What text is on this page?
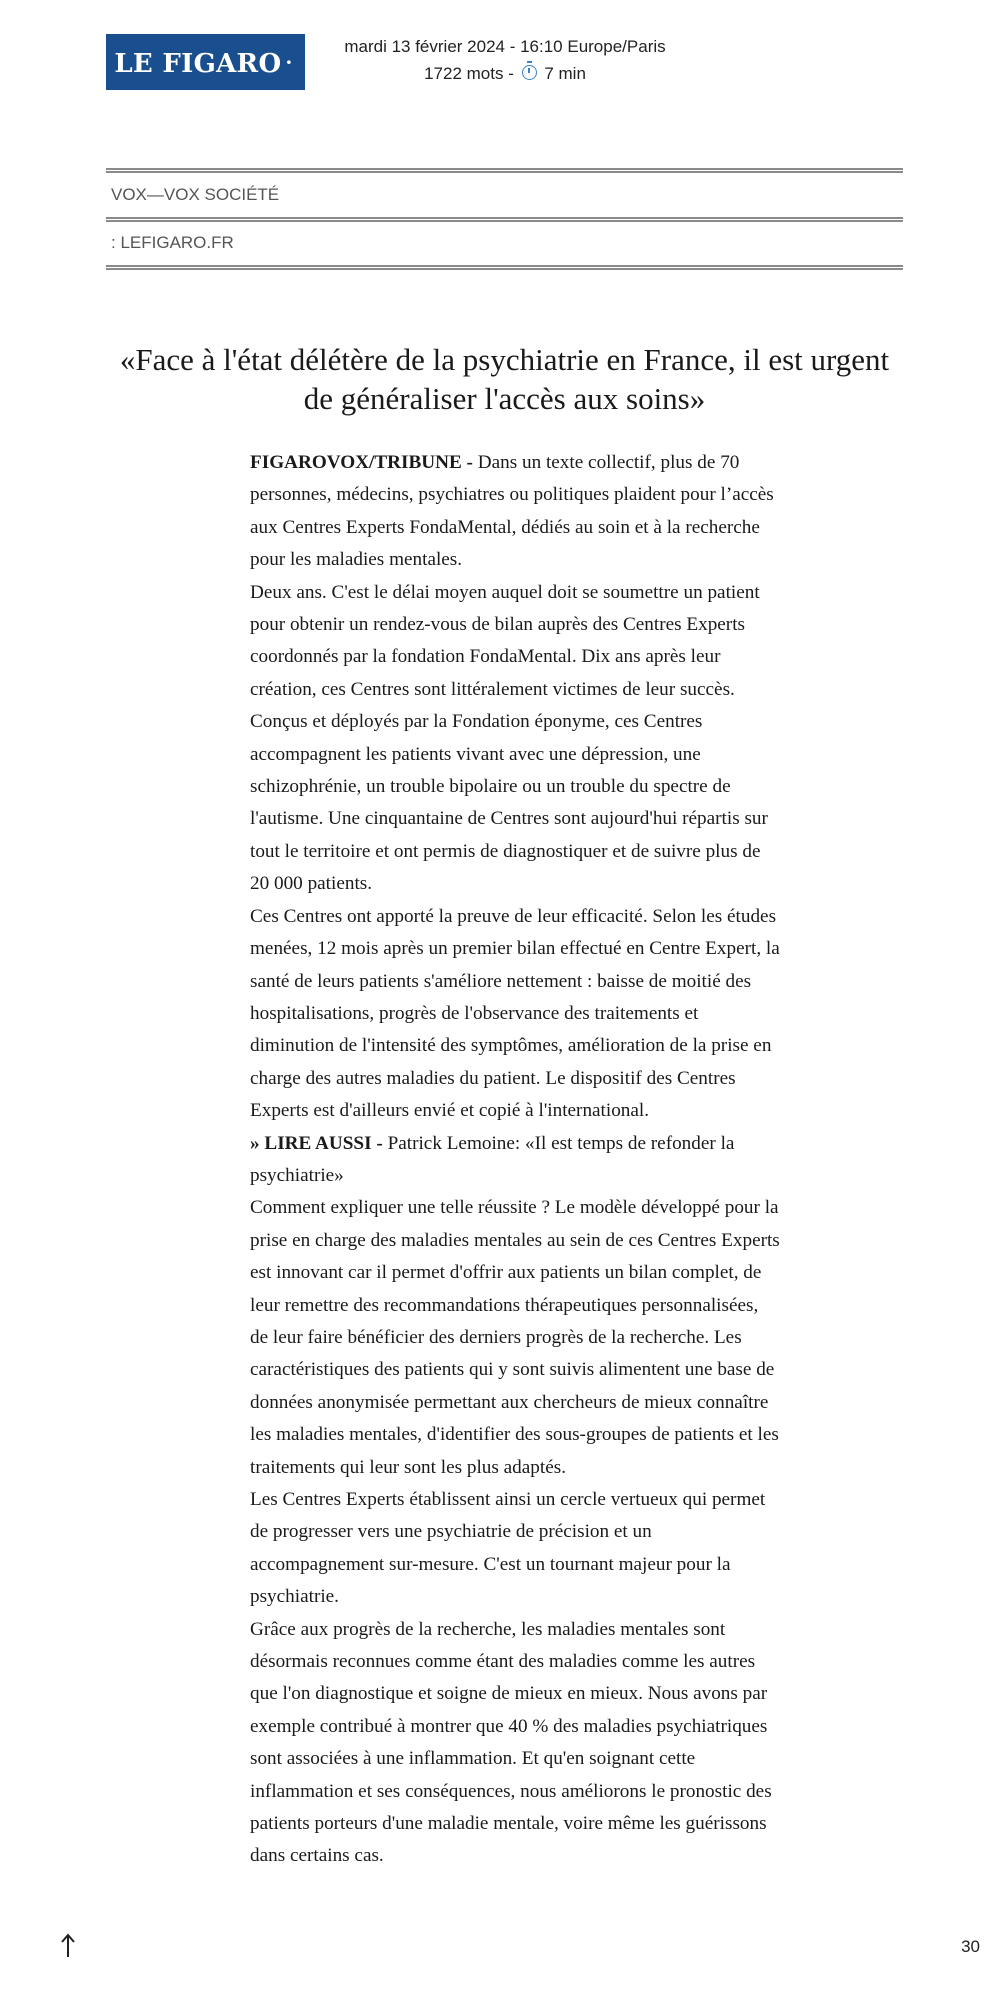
LE FIGARO ·fr
mardi 13 février 2024 - 16:10 Europe/Paris
1722 mots - 7 min
VOX—VOX SOCIÉTÉ
: LEFIGARO.FR
«Face à l'état délétère de la psychiatrie en France, il est urgent de généraliser l'accès aux soins»

FIGAROVOX/TRIBUNE - Dans un texte collectif, plus de 70 personnes, médecins, psychiatres ou politiques plaident pour l’accès aux Centres Experts FondaMental, dédiés au soin et à la recherche pour les maladies mentales.

Deux ans. C'est le délai moyen auquel doit se soumettre un patient pour obtenir un rendez-vous de bilan auprès des Centres Experts coordonnés par la fondation FondaMental. Dix ans après leur création, ces Centres sont littéralement victimes de leur succès. Conçus et déployés par la Fondation éponyme, ces Centres accompagnent les patients vivant avec une dépression, une schizophrénie, un trouble bipolaire ou un trouble du spectre de l'autisme. Une cinquantaine de Centres sont aujourd'hui répartis sur tout le territoire et ont permis de diagnostiquer et de suivre plus de 20 000 patients.

Ces Centres ont apporté la preuve de leur efficacité. Selon les études menées, 12 mois après un premier bilan effectué en Centre Expert, la santé de leurs patients s'améliore nettement : baisse de moitié des hospitalisations, progrès de l'observance des traitements et diminution de l'intensité des symptômes, amélioration de la prise en charge des autres maladies du patient. Le dispositif des Centres Experts est d'ailleurs envié et copié à l'international.

» LIRE AUSSI - Patrick Lemoine: «Il est temps de refonder la psychiatrie»

Comment expliquer une telle réussite ? Le modèle développé pour la prise en charge des maladies mentales au sein de ces Centres Experts est innovant car il permet d'offrir aux patients un bilan complet, de leur remettre des recommandations thérapeutiques personnalisées, de leur faire bénéficier des derniers progrès de la recherche. Les caractéristiques des patients qui y sont suivis alimentent une base de données anonymisée permettant aux chercheurs de mieux connaître les maladies mentales, d'identifier des sous-groupes de patients et les traitements qui leur sont les plus adaptés.

Les Centres Experts établissent ainsi un cercle vertueux qui permet de progresser vers une psychiatrie de précision et un accompagnement sur-mesure. C'est un tournant majeur pour la psychiatrie.

Grâce aux progrès de la recherche, les maladies mentales sont désormais reconnues comme étant des maladies comme les autres que l'on diagnostique et soigne de mieux en mieux. Nous avons par exemple contribué à montrer que 40 % des maladies psychiatriques sont associées à une inflammation. Et qu'en soignant cette inflammation et ses conséquences, nous améliorons le pronostic des patients porteurs d'une maladie mentale, voire même les guérissons dans certains cas.

30
